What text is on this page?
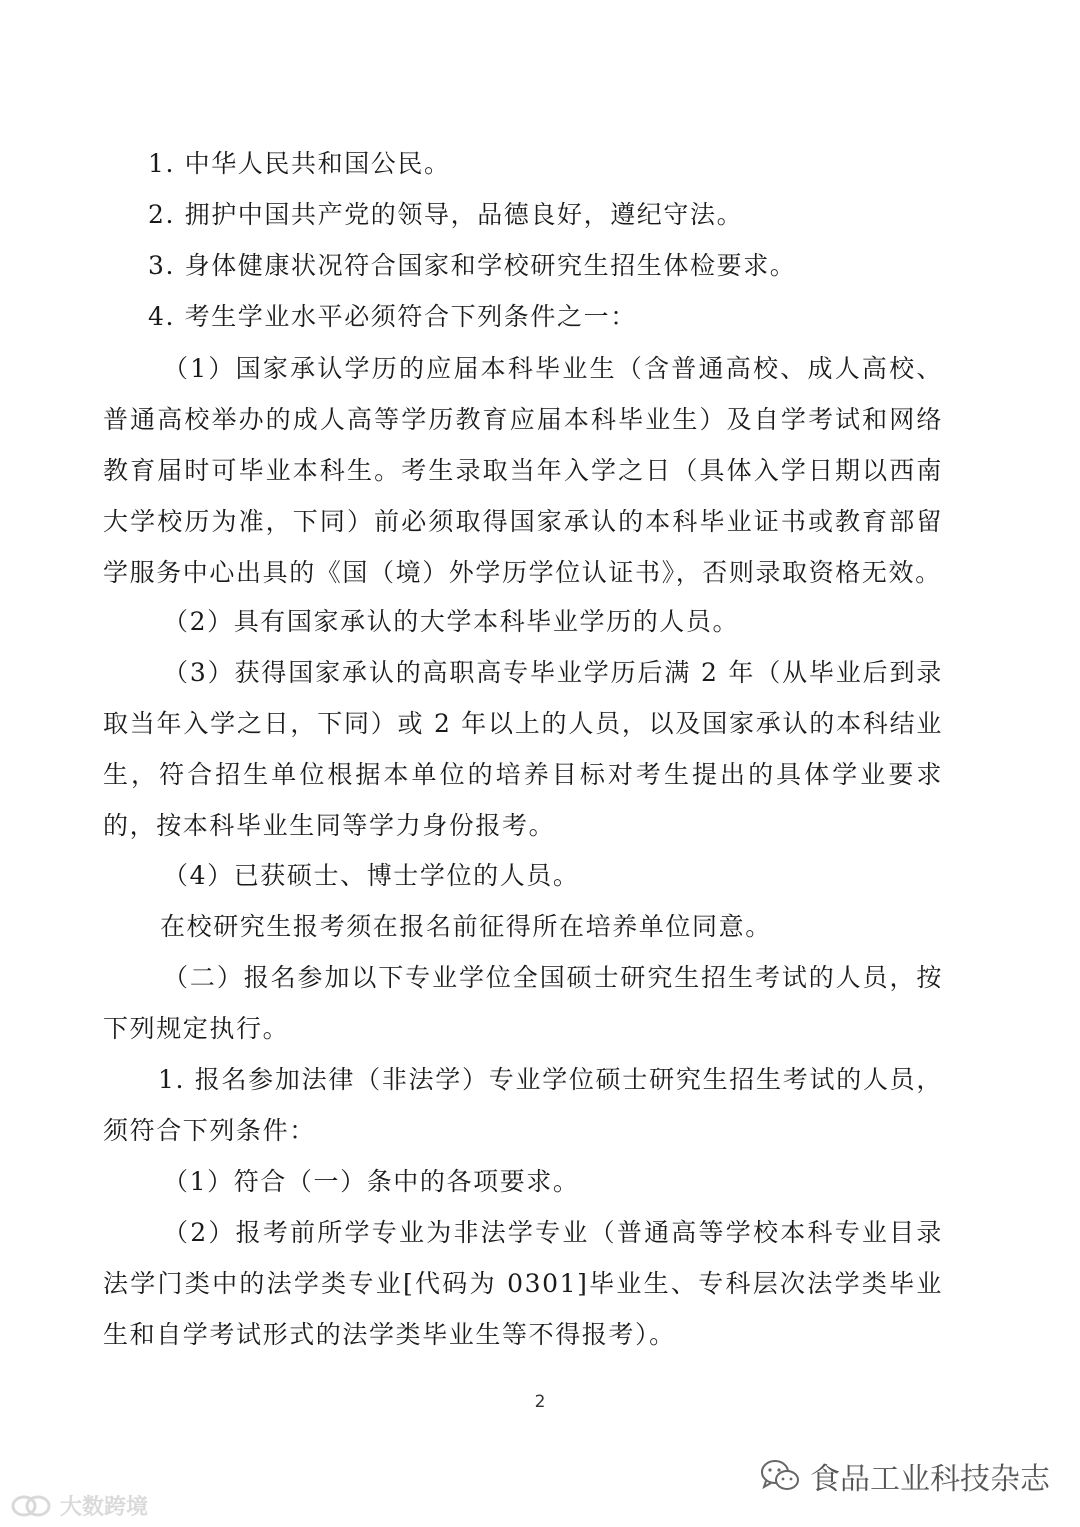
1. 中华人民共和国公民。
2. 拥护中国共产党的领导，品德良好，遵纪守法。
3. 身体健康状况符合国家和学校研究生招生体检要求。
4. 考生学业水平必须符合下列条件之一：

（1）国家承认学历的应届本科毕业生（含普通高校、成人高校、普通高校举办的成人高等学历教育应届本科毕业生）及自学考试和网络教育届时可毕业本科生。考生录取当年入学之日（具体入学日期以西南大学校历为准，下同）前必须取得国家承认的本科毕业证书或教育部留学服务中心出具的《国（境）外学历学位认证书》，否则录取资格无效。

（2）具有国家承认的大学本科毕业学历的人员。

（3）获得国家承认的高职高专毕业学历后满 2 年（从毕业后到录取当年入学之日，下同）或 2 年以上的人员，以及国家承认的本科结业生，符合招生单位根据本单位的培养目标对考生提出的具体学业要求的，按本科毕业生同等学力身份报考。

（4）已获硕士、博士学位的人员。
在校研究生报考须在报名前征得所在培养单位同意。

（二）报名参加以下专业学位全国硕士研究生招生考试的人员，按下列规定执行。

1. 报名参加法律（非法学）专业学位硕士研究生招生考试的人员，须符合下列条件：

（1）符合（一）条中的各项要求。

（2）报考前所学专业为非法学专业（普通高等学校本科专业目录法学门类中的法学类专业[代码为 0301]毕业生、专科层次法学类毕业生和自学考试形式的法学类毕业生等不得报考）。

2
大数跨境
食品工业科技杂志
